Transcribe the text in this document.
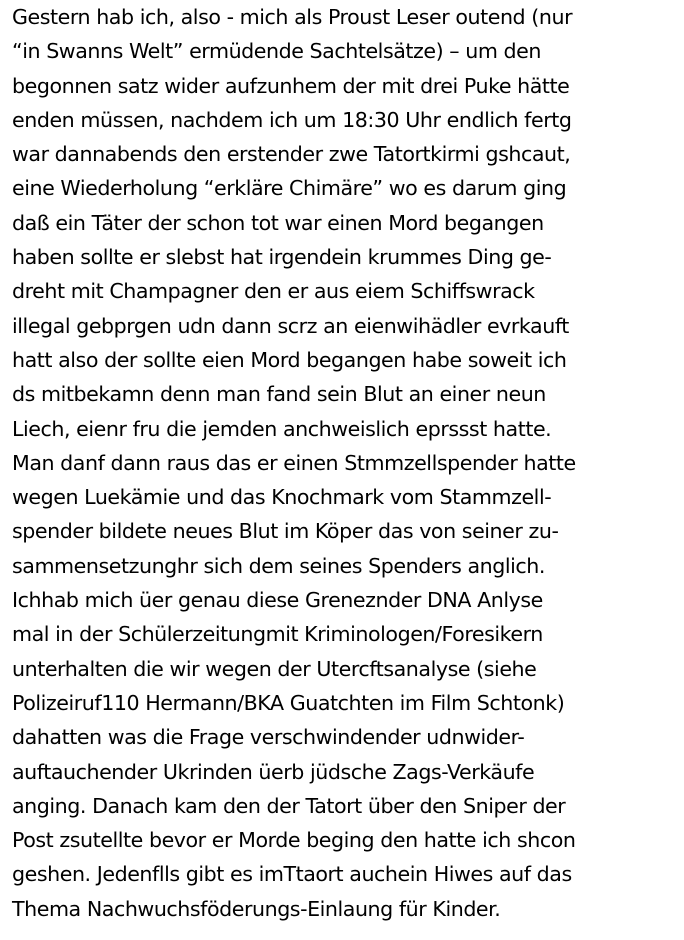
Gestern hab ich, also - mich als Proust Leser outend (nur
“in Swanns Welt” ermüdende Sachtelsätze) – um den
begonnen satz wider aufzunhem der mit drei Puke hätte
enden müssen, nachdem ich um 18:30 Uhr endlich fertg
war dannabends den erstender zwe Tatortkirmi gshcaut,
eine Wiederholung “erkläre Chimäre” wo es darum ging
daß ein Täter der schon tot war einen Mord begangen
haben sollte er slebst hat irgendein krummes Ding ge-
dreht mit Champagner den er aus eiem Schiffswrack
illegal gebprgen udn dann scrz an eienwihädler evrkauft
hatt also der sollte eien Mord begangen habe soweit ich
ds mitbekamn denn man fand sein Blut an einer neun
Liech, eienr fru die jemden anchweislich eprssst hatte.
Man danf dann raus das er einen Stmmzellspender hatte
wegen Luekämie und das Knochmark vom Stammzell-
spender bildete neues Blut im Köper das von seiner zu-
sammensetzunghr sich dem seines Spenders anglich.
Ichhab mich üer genau diese Greneznder DNA Anlyse
mal in der Schülerzeitungmit Kriminologen/Foresikern
unterhalten die wir wegen der Utercftsanalyse (siehe
Polizeiruf110 Hermann/BKA Guatchten im Film Schtonk)
dahatten was die Frage verschwindender udnwider-
auftauchender Ukrinden üerb jüdsche Zags-Verkäufe
anging. Danach kam den der Tatort über den Sniper der
Post zsutellte bevor er Morde beging den hatte ich shcon
geshen. Jedenflls gibt es imTtaort auchein Hiwes auf das
Thema Nachwuchsföderungs-Einlaung für Kinder.
